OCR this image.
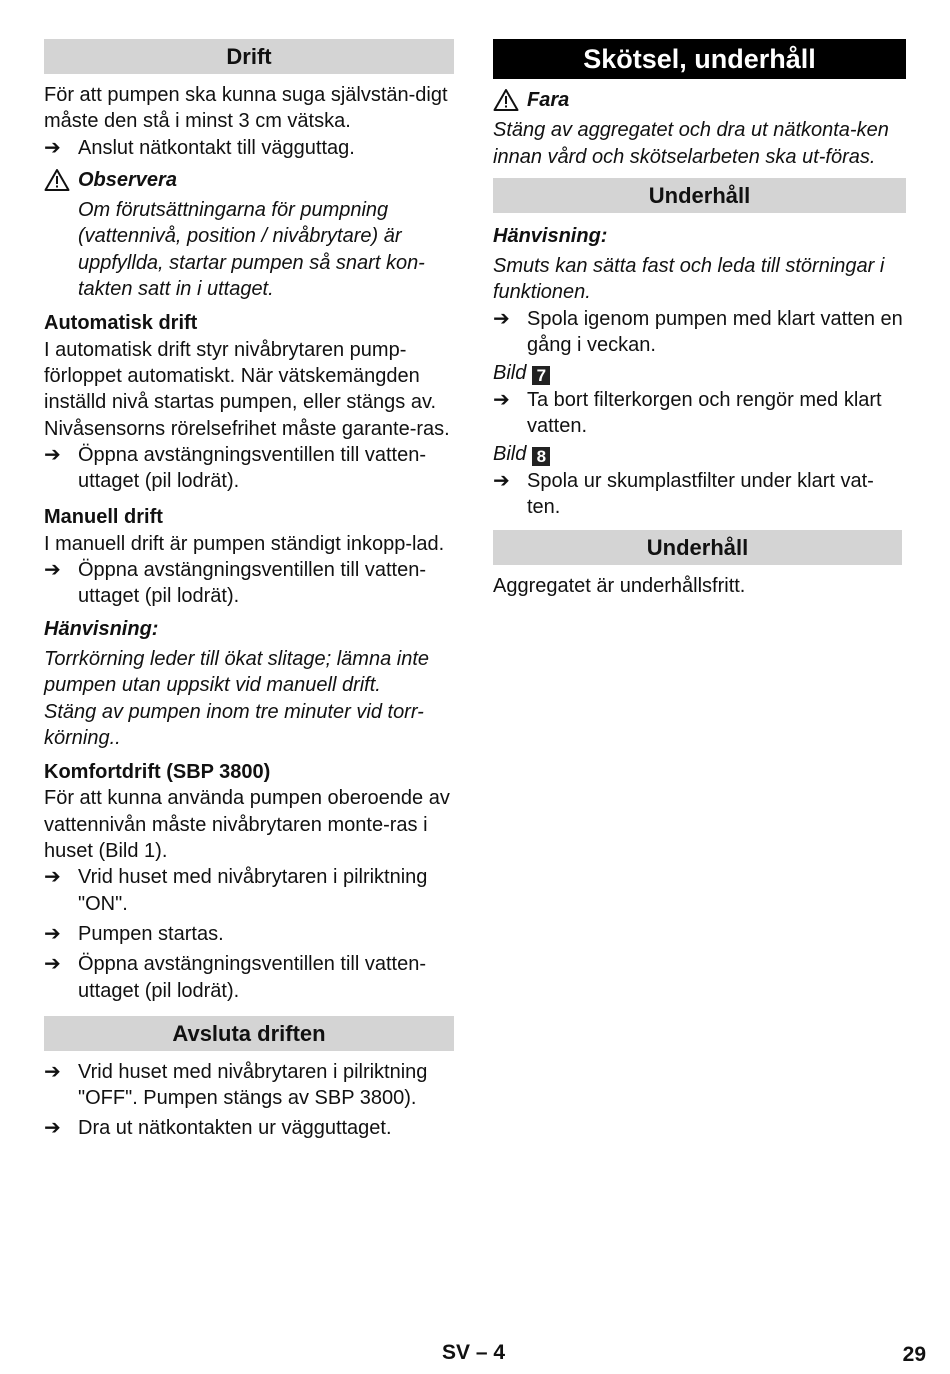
Drift

För att pumpen ska kunna suga självstän-digt måste den stå i minst 3 cm vätska.

➔ Anslut nätkontakt till vägguttag.
Observera

Om förutsättningarna för pumpning (vattennivå, position / nivåbrytare) är uppfyllda, startar pumpen så snart kon-takten satt in i uttaget.

Automatisk drift

I automatisk drift styr nivåbrytaren pump-förloppet automatiskt. När vätskemängden inställd nivå startas pumpen, eller stängs av.

Nivåsensorns rörelsefrihet måste garante-ras.

➔ Öppna avstängningsventillen till vatten-uttaget (pil lodrät).

Manuell drift

I manuell drift är pumpen ständigt inkopp-lad.

➔ Öppna avstängningsventillen till vatten-uttaget (pil lodrät).

Hänvisning:

Torrkörning leder till ökat slitage; lämna inte pumpen utan uppsikt vid manuell drift.

Stäng av pumpen inom tre minuter vid torr-körning..

Komfortdrift (SBP 3800)

För att kunna använda pumpen oberoende av vattennivån måste nivåbrytaren monte-ras i huset (Bild 1).

➔ Vrid huset med nivåbrytaren i pilriktning "ON".
➔ Pumpen startas.
➔ Öppna avstängningsventillen till vatten-uttaget (pil lodrät).
Avsluta driften
➔ Vrid huset med nivåbrytaren i pilriktning "OFF". Pumpen stängs av SBP 3800).
➔ Dra ut nätkontakten ur vägguttaget.
Skötsel, underhåll
Fara

Stäng av aggregatet och dra ut nätkonta-ken innan vård och skötselarbeten ska ut-föras.

Underhåll

Hänvisning:

Smuts kan sätta fast och leda till störningar i funktionen.

➔ Spola igenom pumpen med klart vatten en gång i veckan.

Bild 7

➔ Ta bort filterkorgen och rengör med klart vatten.

Bild 8

➔ Spola ur skumplastfilter under klart vat-ten.
Underhåll

Aggregatet är underhållsfritt.

SV – 4	29
